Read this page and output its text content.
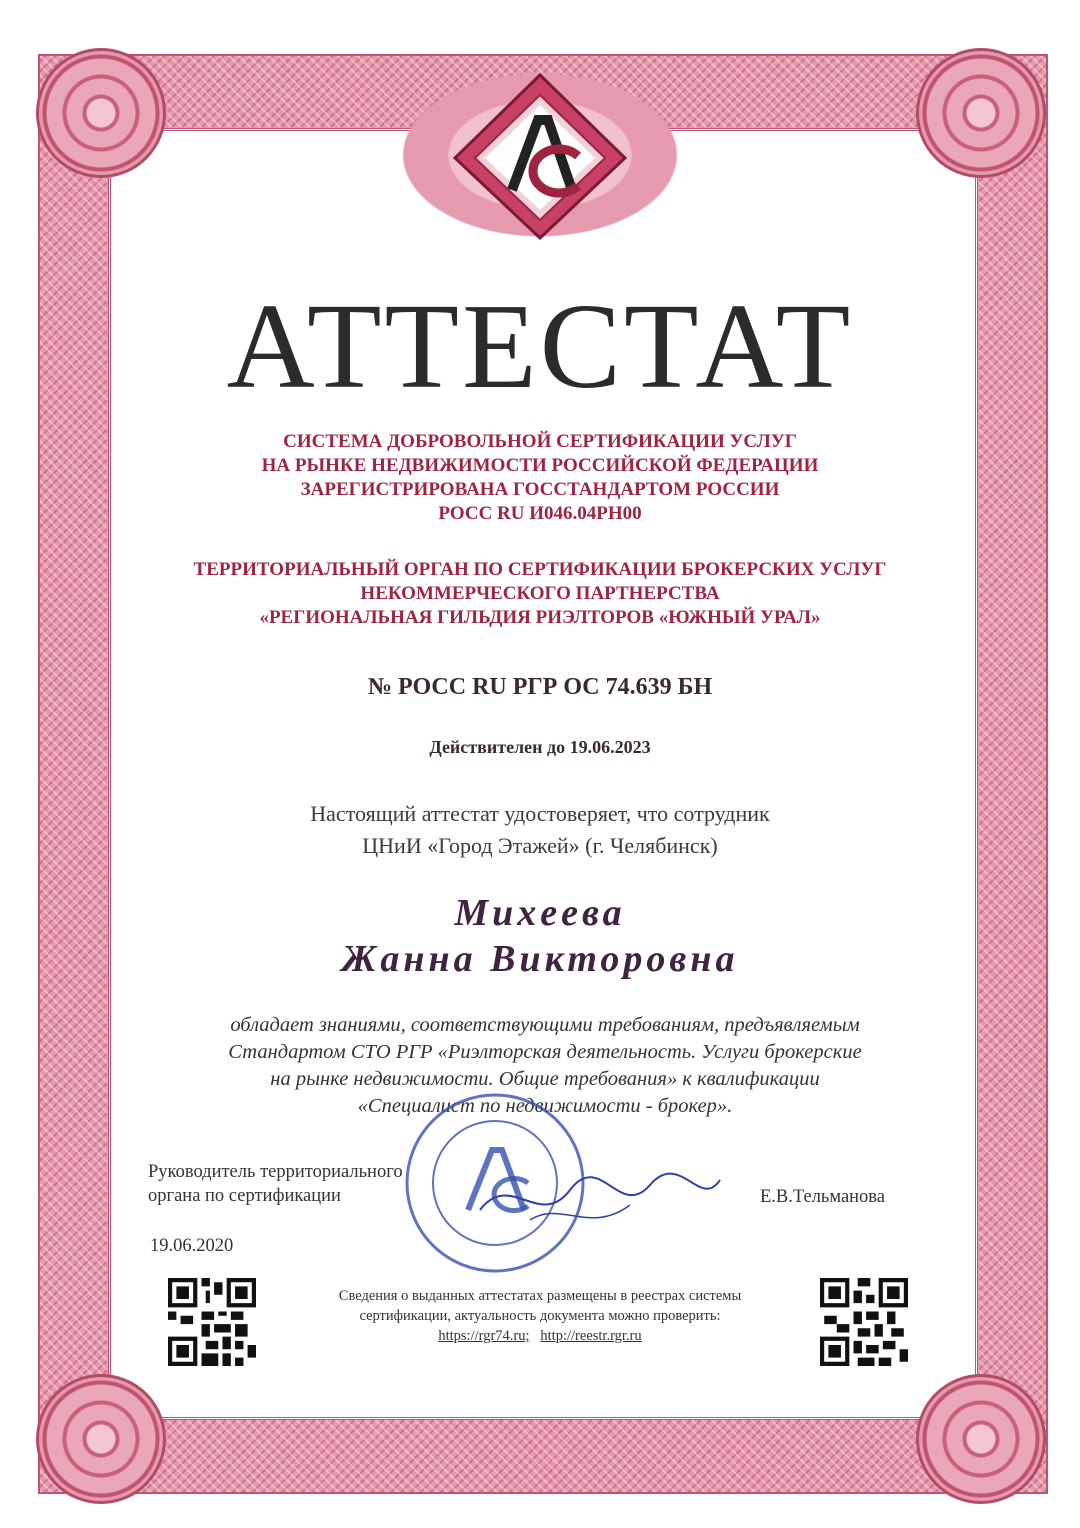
АТТЕСТАТ
СИСТЕМА ДОБРОВОЛЬНОЙ СЕРТИФИКАЦИИ УСЛУГ
НА РЫНКЕ НЕДВИЖИМОСТИ РОССИЙСКОЙ ФЕДЕРАЦИИ
ЗАРЕГИСТРИРОВАНА ГОССТАНДАРТОМ РОССИИ
РОСС RU И046.04РН00
ТЕРРИТОРИАЛЬНЫЙ ОРГАН ПО СЕРТИФИКАЦИИ БРОКЕРСКИХ УСЛУГ
НЕКОММЕРЧЕСКОГО ПАРТНЕРСТВА
«РЕГИОНАЛЬНАЯ ГИЛЬДИЯ РИЭЛТОРОВ «ЮЖНЫЙ УРАЛ»
№ РОСС RU РГР ОС 74.639 БН
Действителен до 19.06.2023
Настоящий аттестат удостоверяет, что сотрудник
ЦНиИ «Город Этажей» (г. Челябинск)
Михеева
Жанна Викторовна
обладает знаниями, соответствующими требованиям, предъявляемым
Стандартом СТО РГР «Риэлторская деятельность. Услуги брокерские
на рынке недвижимости. Общие требования» к квалификации
«Специалист по недвижимости - брокер».
Руководитель территориального
органа по сертификации	Е.В.Тельманова
19.06.2020
Сведения о выданных аттестатах размещены в реестрах системы
сертификации, актуальность документа можно проверить:
https://rgr74.ru; http://reestr.rgr.ru
